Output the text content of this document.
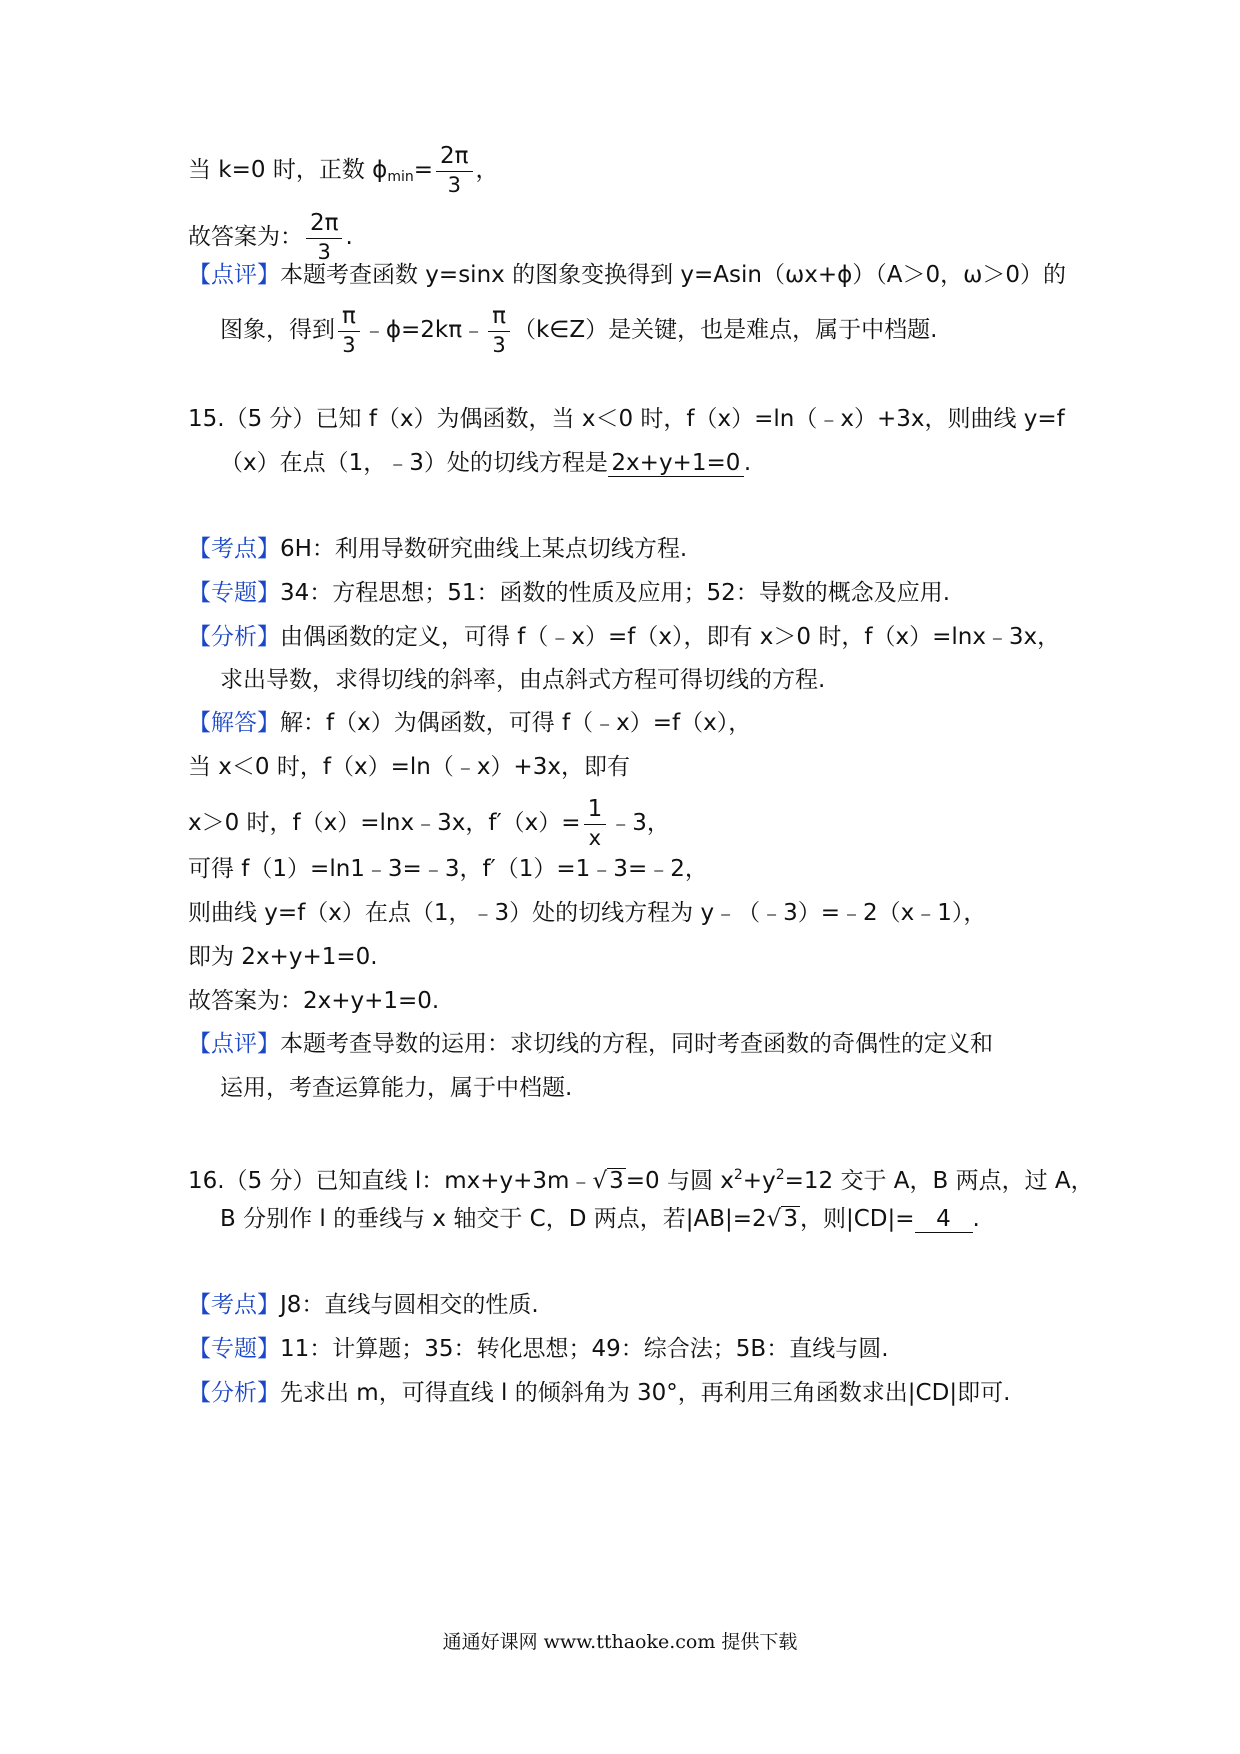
当 k=0 时，正数 $\phi_{min}= \frac{2\pi}{3}$ ，
故答案为： $\frac{2\pi}{3}$ .
【点评】本题考查函数 y=sinx 的图象变换得到 y=Asin（ωx+ϕ）（A＞0，ω＞0）的
图象，得到 $\frac{\pi}{3}$ ﹣ϕ=2kπ﹣ $\frac{\pi}{3}$ （k∈Z）是关键，也是难点，属于中档题.
15.（5 分）已知 f（x）为偶函数，当 x＜0 时，f（x）=ln（﹣x）+3x，则曲线 y=f
（x）在点（1，﹣3）处的切线方程是 2x+y+1=0 .
【考点】6H：利用导数研究曲线上某点切线方程.
【专题】34：方程思想；51：函数的性质及应用；52：导数的概念及应用.
【分析】由偶函数的定义，可得 f（﹣x）=f（x），即有 x＞0 时，f（x）=lnx﹣3x，
求出导数，求得切线的斜率，由点斜式方程可得切线的方程.
【解答】解：f（x）为偶函数，可得 f（﹣x）=f（x），
当 x＜0 时，f（x）=ln（﹣x）+3x，即有
x＞0 时，f（x）=lnx﹣3x，$f'(x)= \frac{1}{x}$ ﹣3，
可得 f（1）=ln1﹣3=﹣3，f′（1）=1﹣3=﹣2，
则曲线 y=f（x）在点（1，﹣3）处的切线方程为 y﹣（﹣3）=﹣2（x﹣1），
即为 2x+y+1=0.
故答案为：2x+y+1=0.
【点评】本题考查导数的运用：求切线的方程，同时考查函数的奇偶性的定义和
运用，考查运算能力，属于中档题.
16.（5 分）已知直线 l：mx+y+3m﹣√3=0 与圆 $x^2+y^2=12$ 交于 A，B 两点，过 A，
B 分别作 l 的垂线与 x 轴交于 C，D 两点，若|AB|=2√3，则|CD|= 4 .
【考点】J8：直线与圆相交的性质.
【专题】11：计算题；35：转化思想；49：综合法；5B：直线与圆.
【分析】先求出 m，可得直线 l 的倾斜角为 30°，再利用三角函数求出|CD|即可.
通通好课网 www.tthaoke.com 提供下载
